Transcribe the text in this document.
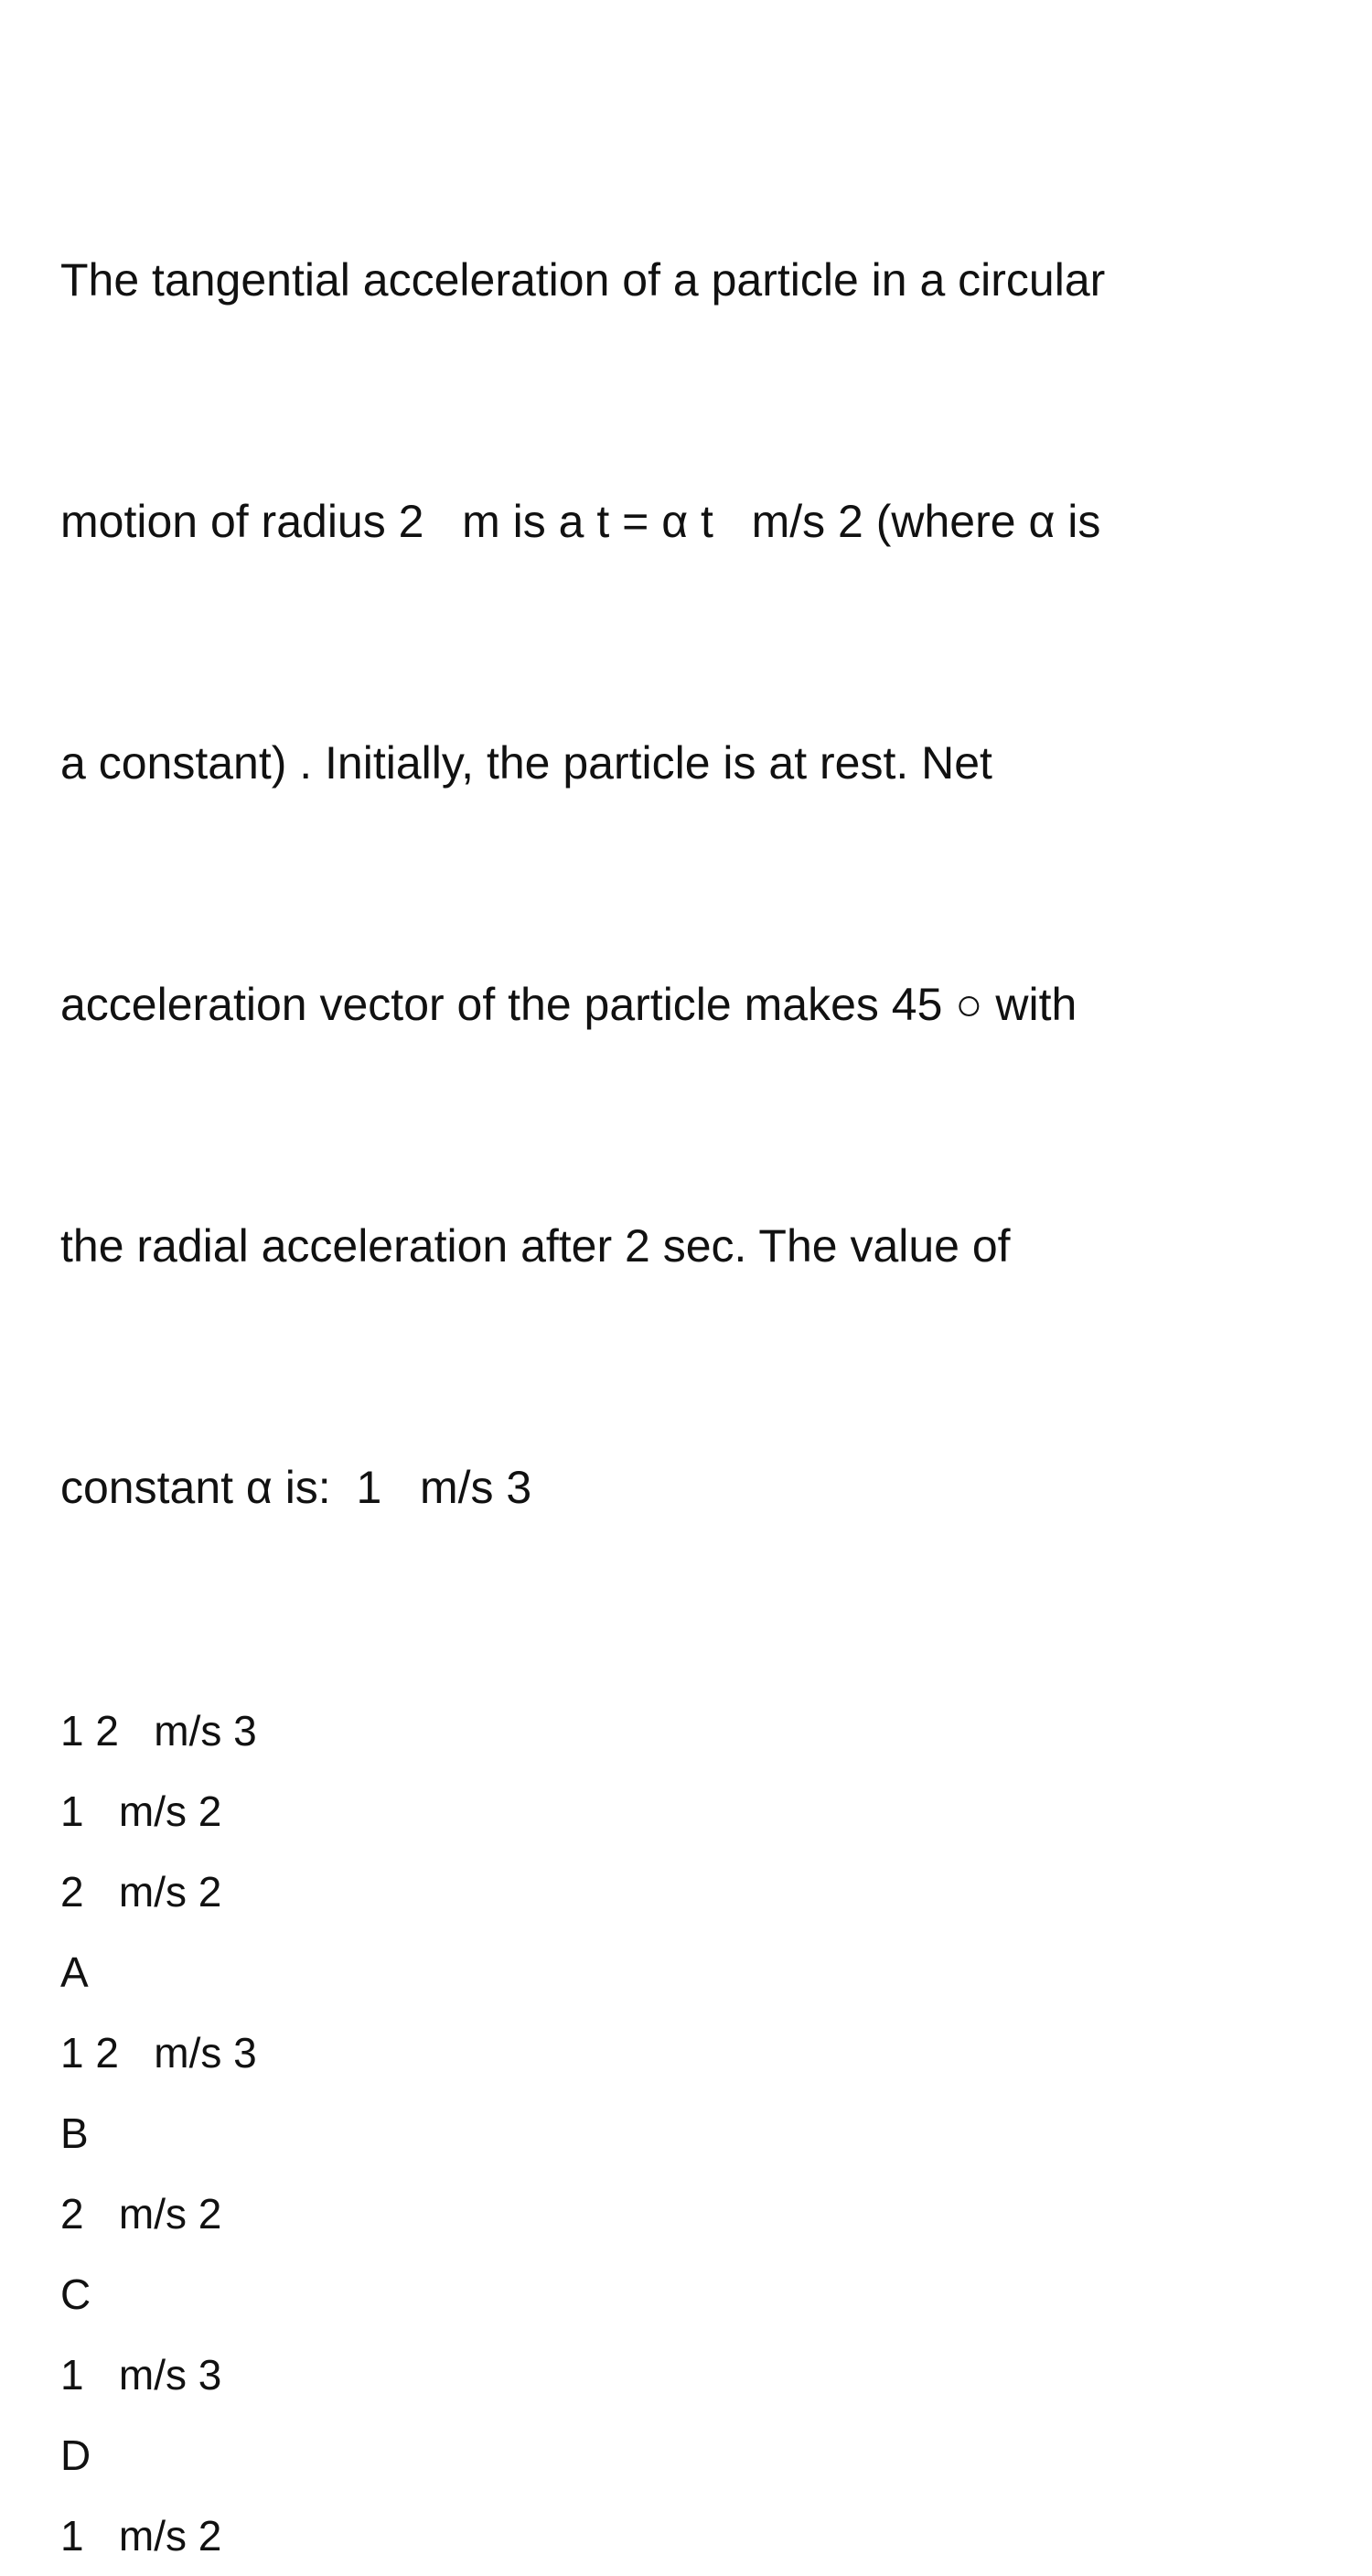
The tangential acceleration of a particle in a circular

motion of radius 2   m is a t = α t   m/s 2 (where α is

a constant) . Initially, the particle is at rest. Net

acceleration vector of the particle makes 45 ○ with

the radial acceleration after 2 sec. The value of

constant α is:  1   m/s 3

1 2   m/s 3
1   m/s 2
2   m/s 2
A
1 2   m/s 3
B
2   m/s 2
C
1   m/s 3
D
1   m/s 2
